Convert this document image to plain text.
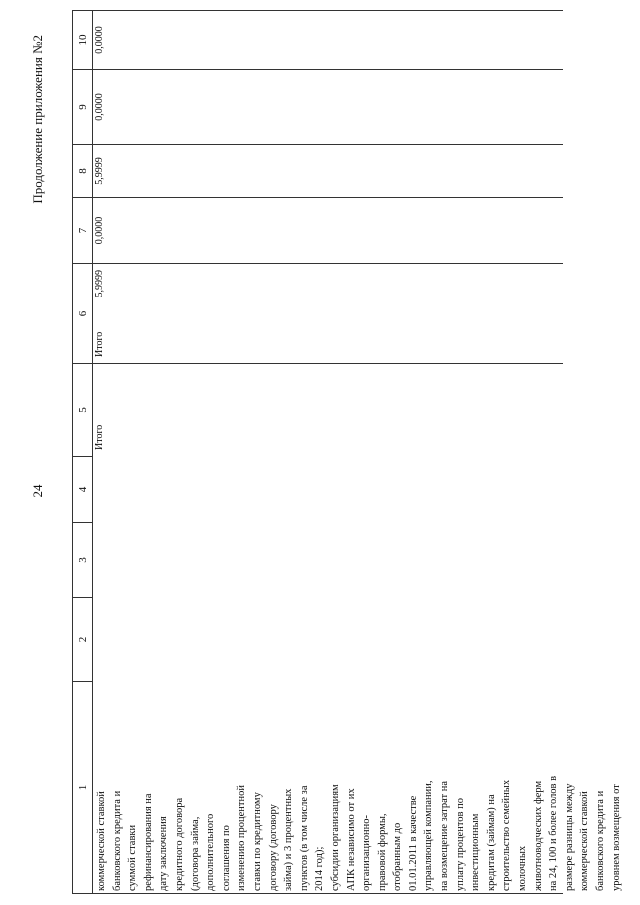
24
Продолжение приложения №2
1
2
3
4
5
6
7
8
9
10
коммерческой ставкой банковского кредита и суммой ставки рефинансирования на дату заключения кредитного договора (договора займа, дополнительного соглашения по изменению процентной ставки по кредитному договору (договору займа) и 3 процентных пунктов (в том числе за 2014 год); субсидии организациям АПК независимо от их организационно- правовой формы, отобранным до 01.01.2011 в качестве управляющей компании, на возмещение затрат на уплату процентов по инвестиционным кредитам (займам) на строительство семейных молочных животноводческих ферм на 24, 100 и более голов в размере разницы между коммерческой ставкой банковского кредита и уровнем возмещения от
Итого
Итого
5,9999
0,0000
5,9999
0,0000
0,0000
